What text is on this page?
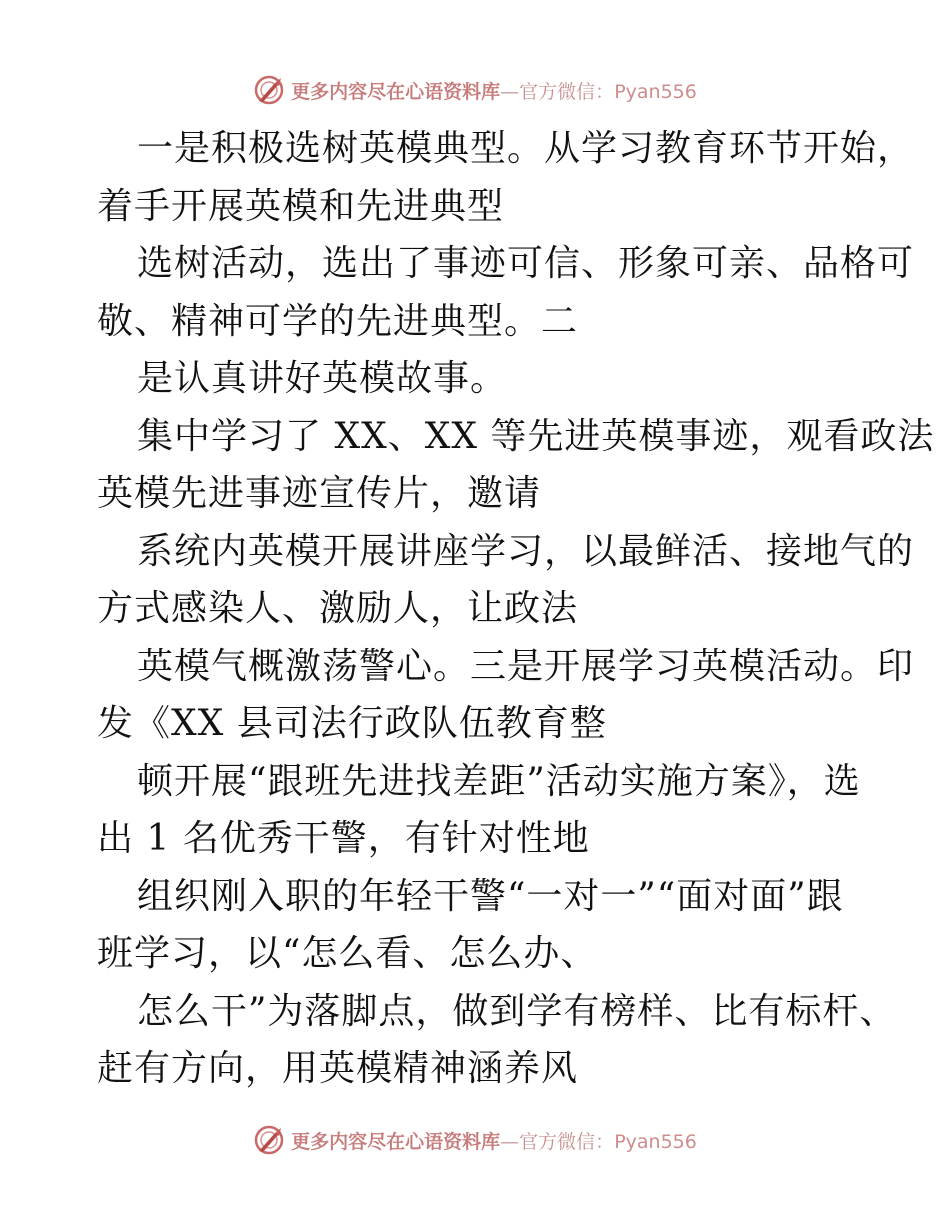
更多内容尽在心语资料库—官方微信：Pyan556
一是积极选树英模典型。从学习教育环节开始，
着手开展英模和先进典型
选树活动，选出了事迹可信、形象可亲、品格可
敬、精神可学的先进典型。二
是认真讲好英模故事。
集中学习了 XX、XX 等先进英模事迹，观看政法
英模先进事迹宣传片，邀请
系统内英模开展讲座学习，以最鲜活、接地气的
方式感染人、激励人，让政法
英模气概激荡警心。三是开展学习英模活动。印
发《XX 县司法行政队伍教育整
顿开展“跟班先进找差距”活动实施方案》，选
出 1 名优秀干警，有针对性地
组织刚入职的年轻干警“一对一”“面对面”跟
班学习，以“怎么看、怎么办、
怎么干”为落脚点，做到学有榜样、比有标杆、
赶有方向，用英模精神涵养风
更多内容尽在心语资料库—官方微信：Pyan556
